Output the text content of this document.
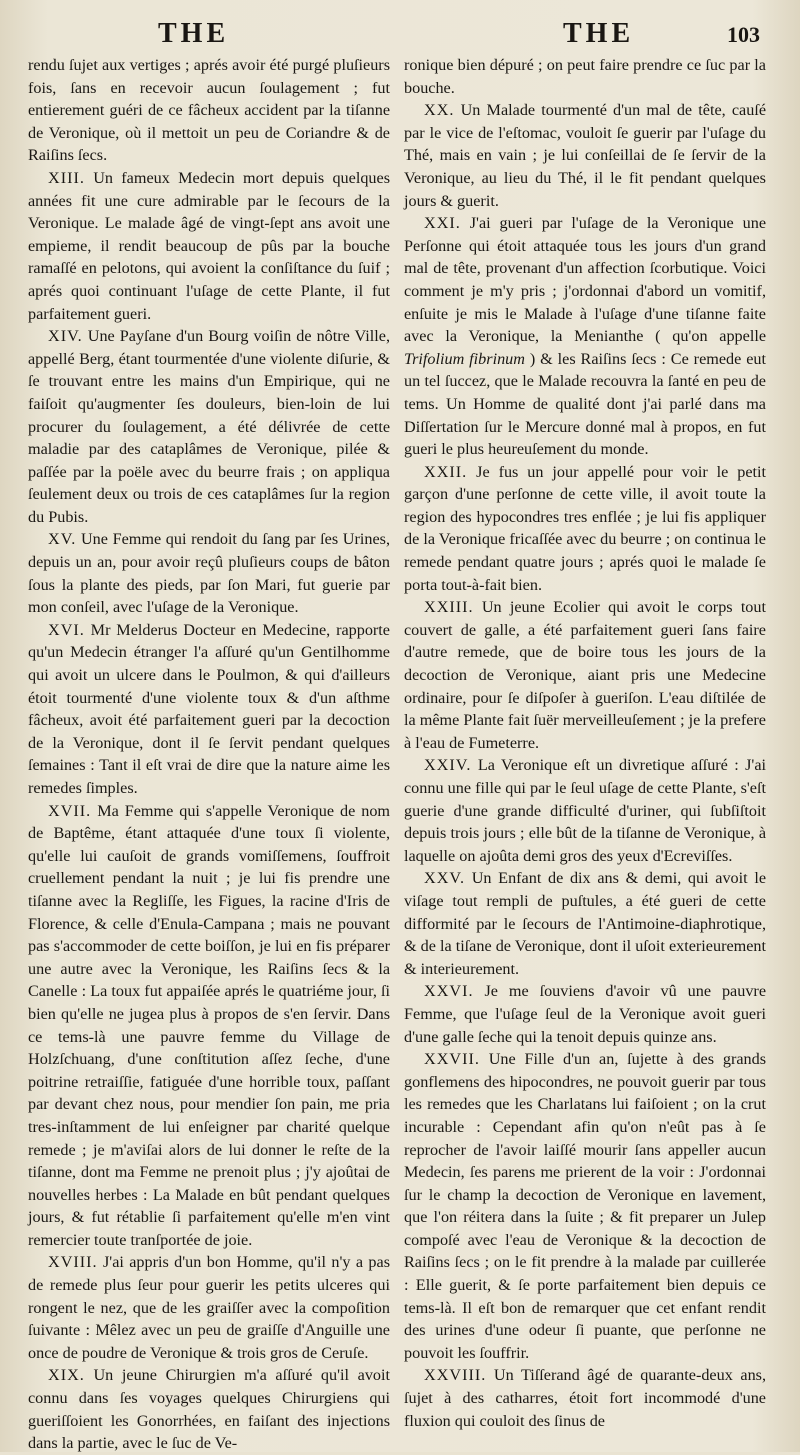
THE	THE	103

rendu ſujet aux vertiges ; aprés avoir été purgé pluſieurs fois, ſans en recevoir aucun ſoulagement ; fut entierement guéri de ce fâcheux accident par la tiſanne de Veronique, où il mettoit un peu de Coriandre & de Raiſins ſecs.

XIII. Un fameux Medecin mort depuis quelques années fit une cure admirable par le ſecours de la Veronique. Le malade âgé de vingt-ſept ans avoit une empieme, il rendit beaucoup de pûs par la bouche ramaſſé en pelotons, qui avoient la conſiſtance du ſuif ; aprés quoi continuant l'uſage de cette Plante, il fut parfaitement gueri.

XIV. Une Payſane d'un Bourg voiſin de nôtre Ville, appellé Berg, étant tourmentée d'une violente diſurie, & ſe trouvant entre les mains d'un Empirique, qui ne faiſoit qu'augmenter ſes douleurs, bien-loin de lui procurer du ſoulagement, a été délivrée de cette maladie par des cataplâmes de Veronique, pilée & paſſée par la poële avec du beurre frais ; on appliqua ſeulement deux ou trois de ces cataplâmes ſur la region du Pubis.

XV. Une Femme qui rendoit du ſang par ſes Urines, depuis un an, pour avoir reçû pluſieurs coups de bâton ſous la plante des pieds, par ſon Mari, fut guerie par mon conſeil, avec l'uſage de la Veronique.

XVI. Mr Melderus Docteur en Medecine, rapporte qu'un Medecin étranger l'a aſſuré qu'un Gentilhomme qui avoit un ulcere dans le Poulmon, & qui d'ailleurs étoit tourmenté d'une violente toux & d'un aſthme fâcheux, avoit été parfaitement gueri par la decoction de la Veronique, dont il ſe ſervit pendant quelques ſemaines : Tant il eſt vrai de dire que la nature aime les remedes ſimples.

XVII. Ma Femme qui s'appelle Veronique de nom de Baptême, étant attaquée d'une toux ſi violente, qu'elle lui cauſoit de grands vomiſſemens, ſouffroit cruellement pendant la nuit ; je lui fis prendre une tiſanne avec la Regliſſe, les Figues, la racine d'Iris de Florence, & celle d'Enula-Campana ; mais ne pouvant pas s'accommoder de cette boiſſon, je lui en fis préparer une autre avec la Veronique, les Raiſins ſecs & la Canelle : La toux fut appaiſée aprés le quatriéme jour, ſi bien qu'elle ne jugea plus à propos de s'en ſervir. Dans ce tems-là une pauvre femme du Village de Holzſchuang, d'une conſtitution aſſez ſeche, d'une poitrine retraiſſie, fatiguée d'une horrible toux, paſſant par devant chez nous, pour mendier ſon pain, me pria tres-inſtamment de lui enſeigner par charité quelque remede ; je m'aviſai alors de lui donner le reſte de la tiſanne, dont ma Femme ne prenoit plus ; j'y ajoûtai de nouvelles herbes : La Malade en bût pendant quelques jours, & fut rétablie ſi parfaitement qu'elle m'en vint remercier toute tranſportée de joie.

XVIII. J'ai appris d'un bon Homme, qu'il n'y a pas de remede plus ſeur pour guerir les petits ulceres qui rongent le nez, que de les graiſſer avec la compoſition ſuivante : Mêlez avec un peu de graiſſe d'Anguille une once de poudre de Veronique & trois gros de Ceruſe.

XIX. Un jeune Chirurgien m'a aſſuré qu'il avoit connu dans ſes voyages quelques Chirurgiens qui gueriſſoient les Gonorrhées, en faiſant des injections dans la partie, avec le ſuc de Ve-

ronique bien dépuré ; on peut faire prendre ce ſuc par la bouche.

XX. Un Malade tourmenté d'un mal de tête, cauſé par le vice de l'eſtomac, vouloit ſe guerir par l'uſage du Thé, mais en vain ; je lui conſeillai de ſe ſervir de la Veronique, au lieu du Thé, il le fit pendant quelques jours & guerit.

XXI. J'ai gueri par l'uſage de la Veronique une Perſonne qui étoit attaquée tous les jours d'un grand mal de tête, provenant d'un affection ſcorbutique. Voici comment je m'y pris ; j'ordonnai d'abord un vomitif, enſuite je mis le Malade à l'uſage d'une tiſanne faite avec la Veronique, la Menianthe ( qu'on appelle Trifolium fibrinum ) & les Raiſins ſecs : Ce remede eut un tel ſuccez, que le Malade recouvra la ſanté en peu de tems. Un Homme de qualité dont j'ai parlé dans ma Diſſertation ſur le Mercure donné mal à propos, en fut gueri le plus heureuſement du monde.

XXII. Je fus un jour appellé pour voir le petit garçon d'une perſonne de cette ville, il avoit toute la region des hypocondres tres enflée ; je lui fis appliquer de la Veronique fricaſſée avec du beurre ; on continua le remede pendant quatre jours ; aprés quoi le malade ſe porta tout-à-fait bien.

XXIII. Un jeune Ecolier qui avoit le corps tout couvert de galle, a été parfaitement gueri ſans faire d'autre remede, que de boire tous les jours de la decoction de Veronique, aiant pris une Medecine ordinaire, pour ſe diſpoſer à gueriſon. L'eau diſtilée de la même Plante fait ſuër merveilleuſement ; je la prefere à l'eau de Fumeterre.

XXIV. La Veronique eſt un divretique aſſuré : J'ai connu une fille qui par le ſeul uſage de cette Plante, s'eſt guerie d'une grande difficulté d'uriner, qui ſubſiſtoit depuis trois jours ; elle bût de la tiſanne de Veronique, à laquelle on ajoûta demi gros des yeux d'Ecreviſſes.

XXV. Un Enfant de dix ans & demi, qui avoit le viſage tout rempli de puſtules, a été gueri de cette difformité par le ſecours de l'Antimoine-diaphrotique, & de la tiſane de Veronique, dont il uſoit exterieurement & interieurement.

XXVI. Je me ſouviens d'avoir vû une pauvre Femme, que l'uſage ſeul de la Veronique avoit gueri d'une galle ſeche qui la tenoit depuis quinze ans.

XXVII. Une Fille d'un an, ſujette à des grands gonflemens des hipocondres, ne pouvoit guerir par tous les remedes que les Charlatans lui faiſoient ; on la crut incurable : Cependant afin qu'on n'eût pas à ſe reprocher de l'avoir laiſſé mourir ſans appeller aucun Medecin, ſes parens me prierent de la voir : J'ordonnai ſur le champ la decoction de Veronique en lavement, que l'on réitera dans la ſuite ; & fit preparer un Julep compoſé avec l'eau de Veronique & la decoction de Raiſins ſecs ; on le fit prendre à la malade par cuillerée : Elle guerit, & ſe porte parfaitement bien depuis ce tems-là. Il eſt bon de remarquer que cet enfant rendit des urines d'une odeur ſi puante, que perſonne ne pouvoit les ſouffrir.

XXVIII. Un Tiſſerand âgé de quarante-deux ans, ſujet à des catharres, étoit fort incommodé d'une fluxion qui couloit des ſinus de
